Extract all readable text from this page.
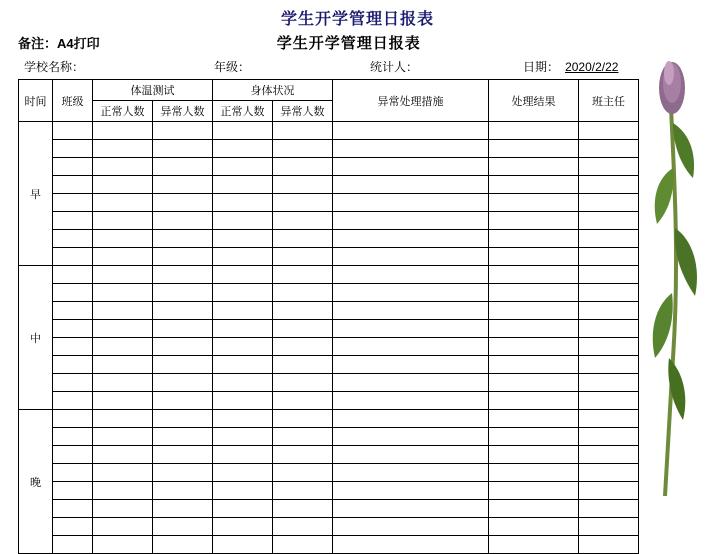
学生开学管理日报表
备注：A4打印	学生开学管理日报表
学校名称：	年级：	统计人：	日期： 2020/2/22
时间	班级	体温测试		身体状况		异常处理措施	处理结果	班主任
		正常人数	异常人数	正常人数	异常人数			
早								

中								

晚								
